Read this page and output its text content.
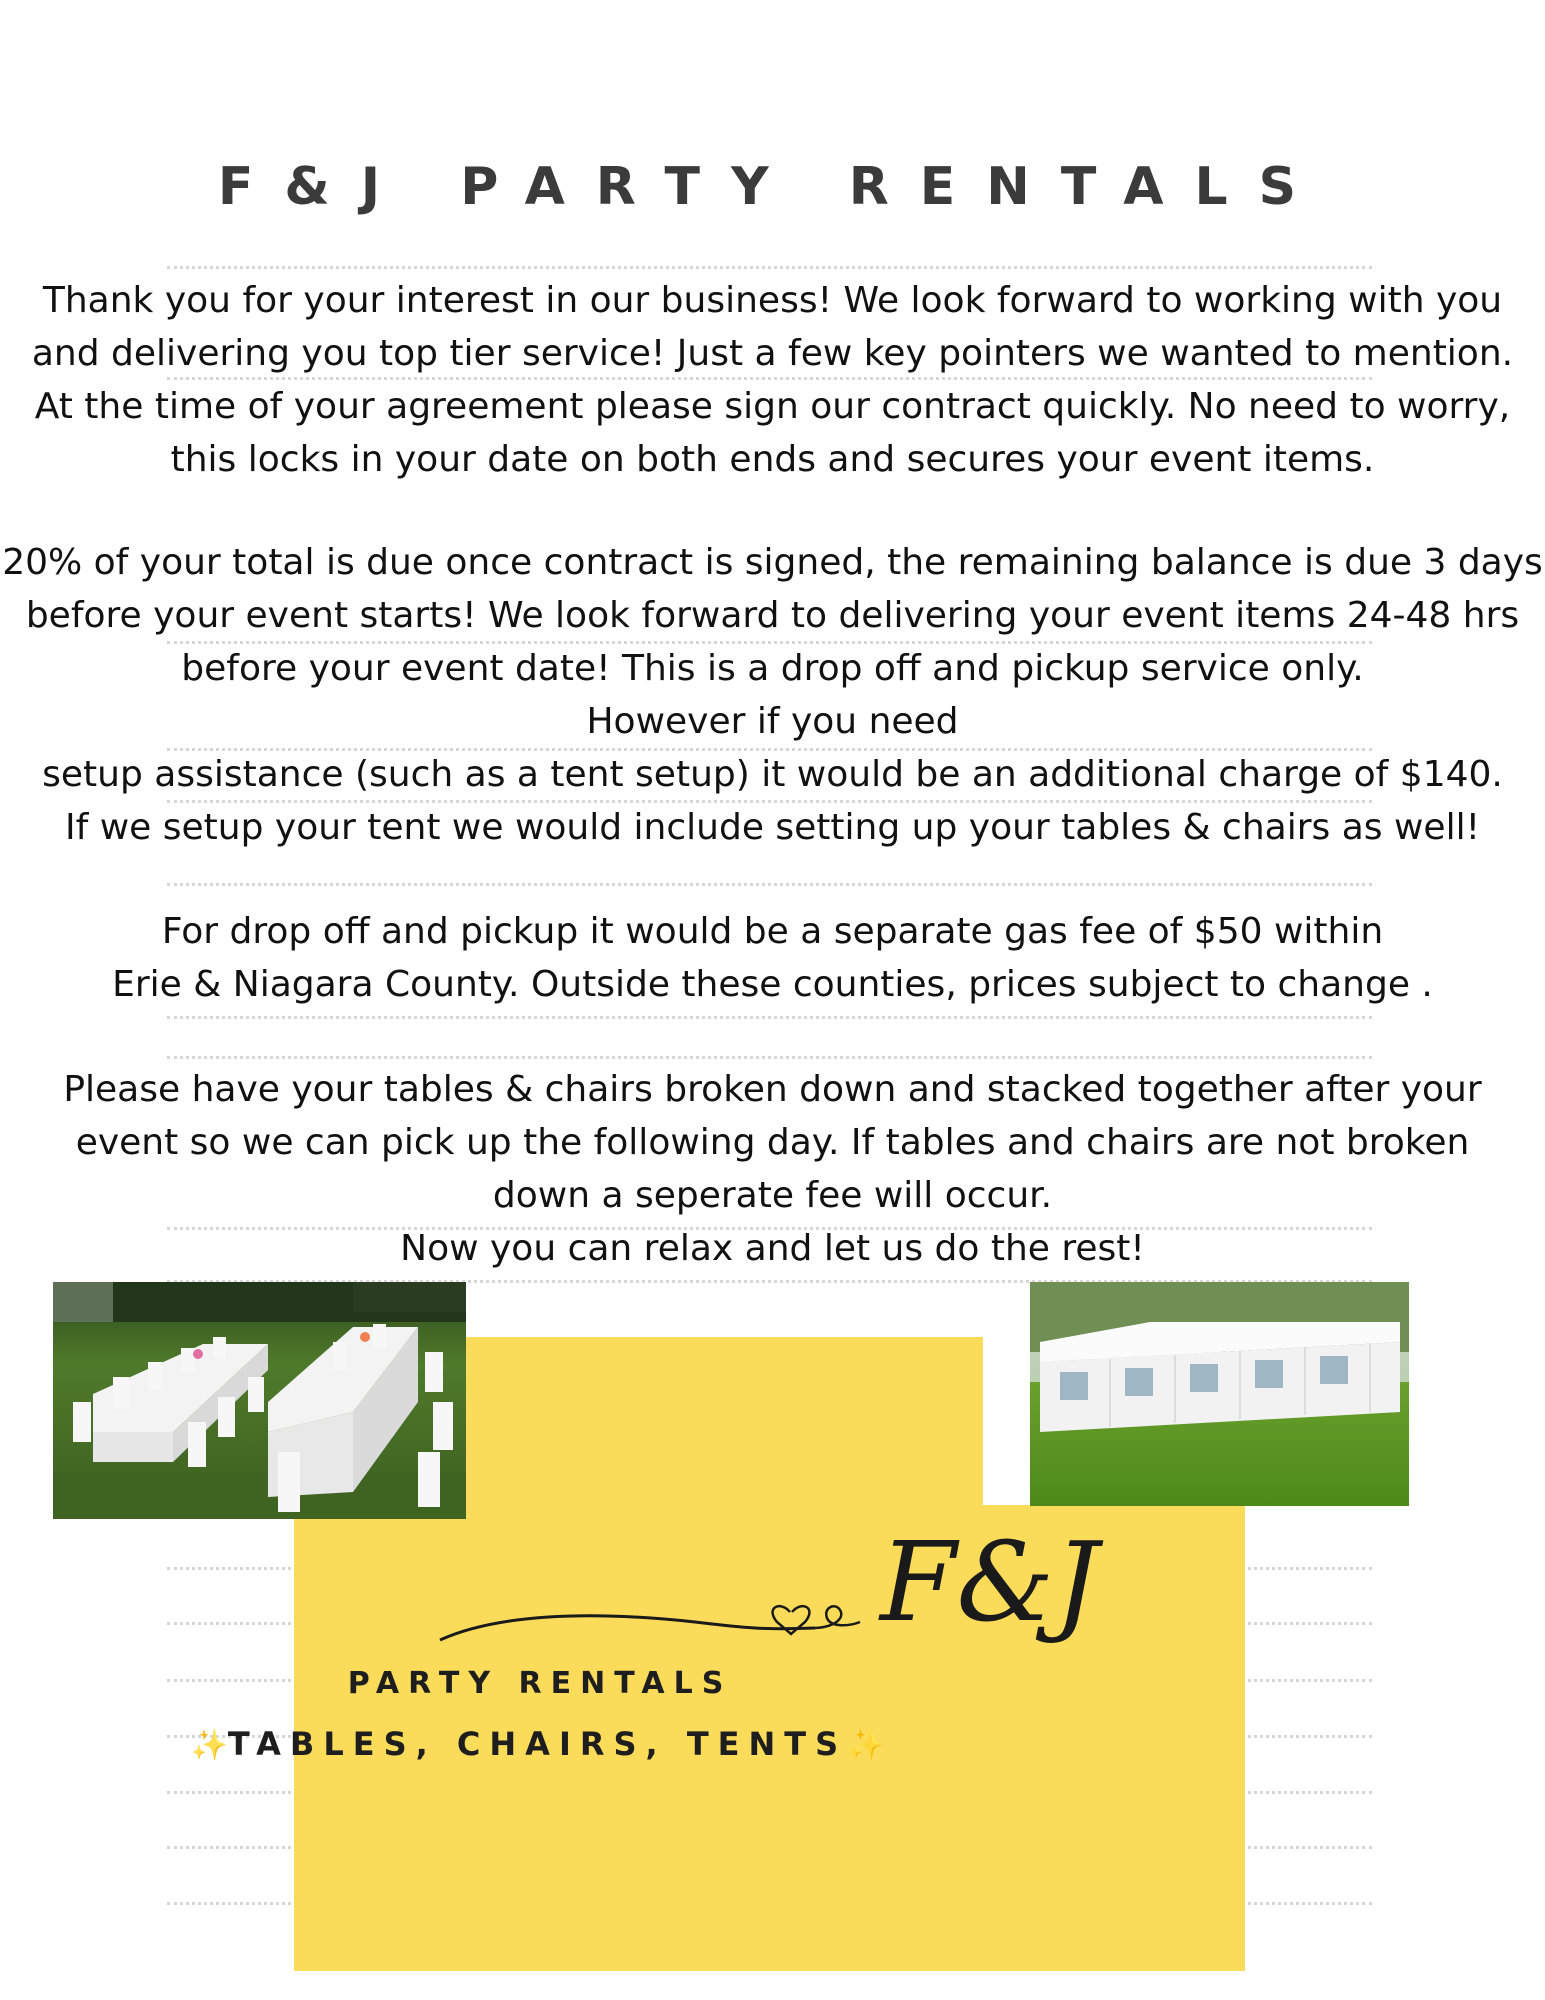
F&J PARTY RENTALS
Thank you for your interest in our business! We look forward to working with you
and delivering you top tier service! Just a few key pointers we wanted to mention.
At the time of your agreement please sign our contract quickly. No need to worry,
this locks in your date on both ends and secures your event items.
20% of your total is due once contract is signed, the remaining balance is due 3 days
before your event starts! We look forward to delivering your event items 24-48 hrs
before your event date! This is a drop off and pickup service only.
However if you need
setup assistance (such as a tent setup) it would be an additional charge of $140.
If we setup your tent we would include setting up your tables & chairs as well!
For drop off and pickup it would be a separate gas fee of $50 within
Erie & Niagara County. Outside these counties, prices subject to change .
Please have your tables & chairs broken down and stacked together after your
event so we can pick up the following day. If tables and chairs are not broken
down a seperate fee will occur.
Now you can relax and let us do the rest!
F&J
PARTY RENTALS
✨TABLES, CHAIRS, TENTS✨
